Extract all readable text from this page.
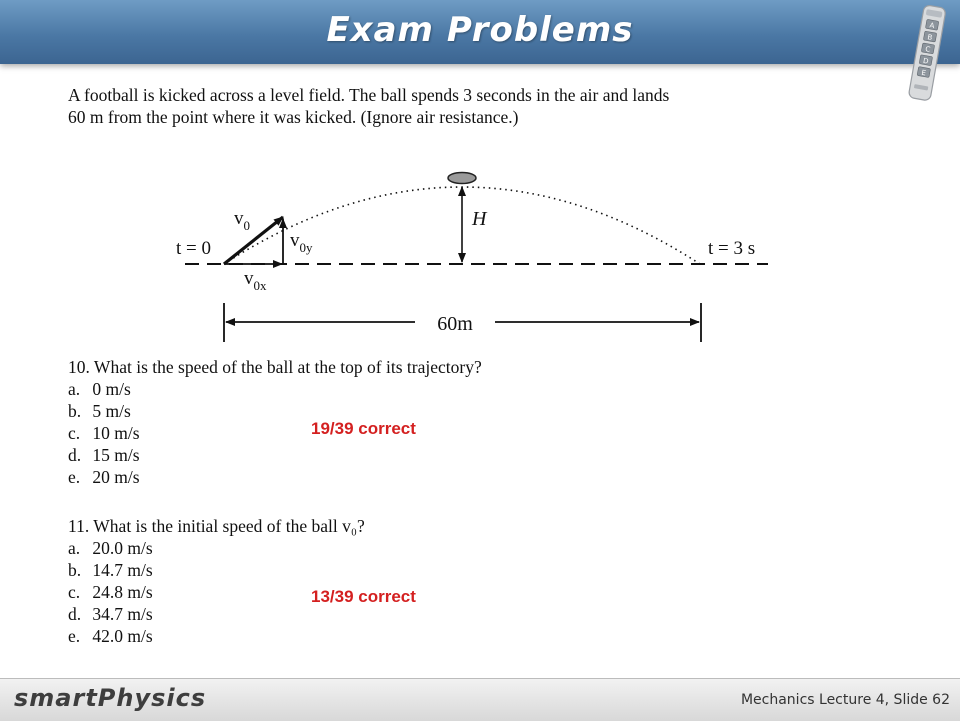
Exam Problems	A
B
C
D
E
A football is kicked across a level field. The ball spends 3 seconds in the air and lands
60 m from the point where it was kicked. (Ignore air resistance.)
H
t = 0	t = 3 s
$v_0$
$v_{0y}$
$v_{0x}$
60m
10. What is the speed of the ball at the top of its trajectory?
a. 0 m/s
b. 5 m/s
c. 10 m/s
d. 15 m/s
e. 20 m/s
19/39 correct
11. What is the initial speed of the ball v₀?
a. 20.0 m/s
b. 14.7 m/s
c. 24.8 m/s
d. 34.7 m/s
e. 42.0 m/s
13/39 correct
smartPhysics	Mechanics Lecture 4, Slide 62
